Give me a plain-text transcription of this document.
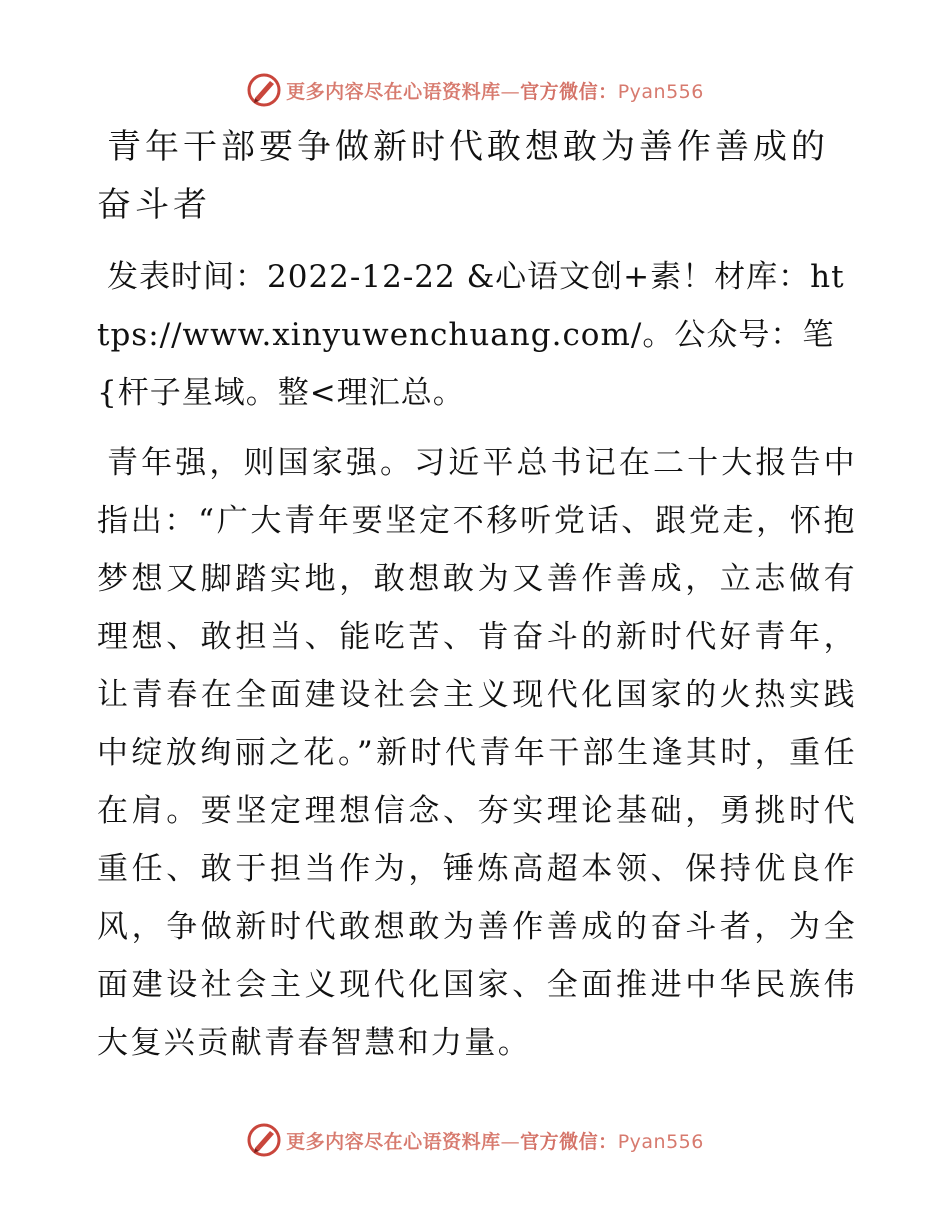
更多内容尽在心语资料库—官方微信：Pyan556
青年干部要争做新时代敢想敢为善作善成的奋斗者

发表时间：2022-12-22 &心语文创+素！材库：https://www.xinyuwenchuang.com/。公众号：笔{杆子星域。整<理汇总。

青年强，则国家强。习近平总书记在二十大报告中指出：“广大青年要坚定不移听党话、跟党走，怀抱梦想又脚踏实地，敢想敢为又善作善成，立志做有理想、敢担当、能吃苦、肯奋斗的新时代好青年，让青春在全面建设社会主义现代化国家的火热实践中绽放绚丽之花。”新时代青年干部生逢其时，重任在肩。要坚定理想信念、夯实理论基础，勇挑时代重任、敢于担当作为，锤炼高超本领、保持优良作风，争做新时代敢想敢为善作善成的奋斗者，为全面建设社会主义现代化国家、全面推进中华民族伟大复兴贡献青春智慧和力量。

更多内容尽在心语资料库—官方微信：Pyan556
